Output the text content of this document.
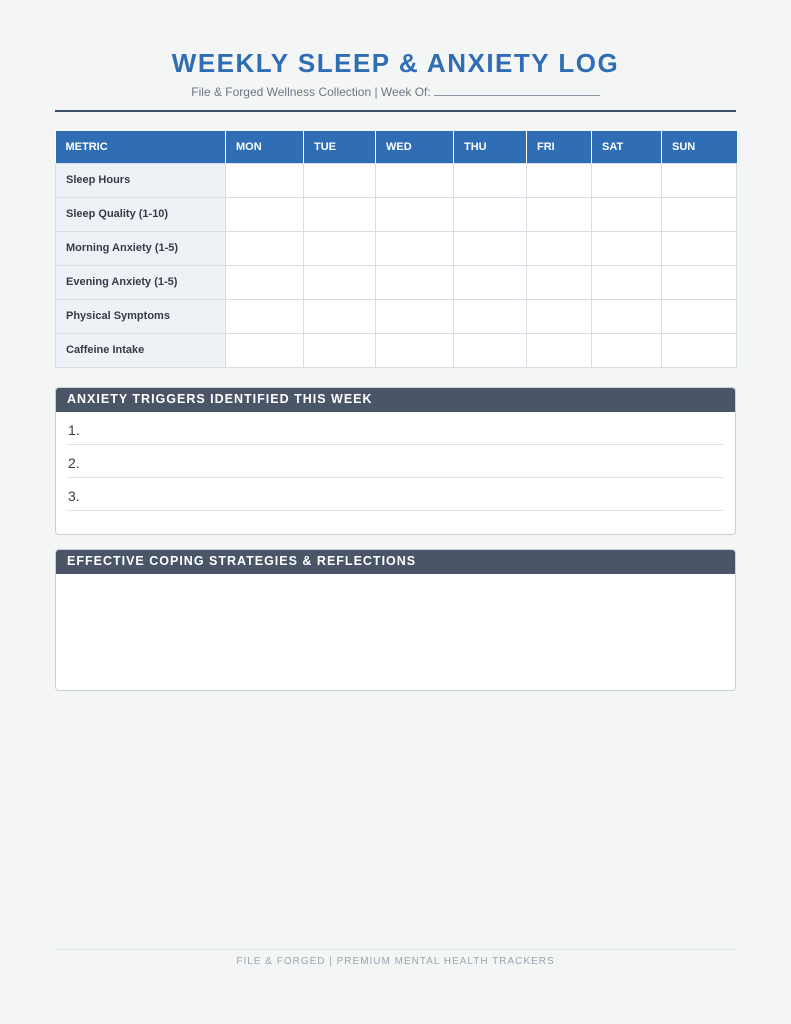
WEEKLY SLEEP & ANXIETY LOG
File & Forged Wellness Collection | Week Of:
METRIC	MON	TUE	WED	THU	FRI	SAT	SUN
Sleep Hours							
Sleep Quality (1-10)							
Morning Anxiety (1-5)							
Evening Anxiety (1-5)							
Physical Symptoms							
Caffeine Intake							
ANXIETY TRIGGERS IDENTIFIED THIS WEEK
1.
2.
3.
EFFECTIVE COPING STRATEGIES & REFLECTIONS
FILE & FORGED | PREMIUM MENTAL HEALTH TRACKERS
